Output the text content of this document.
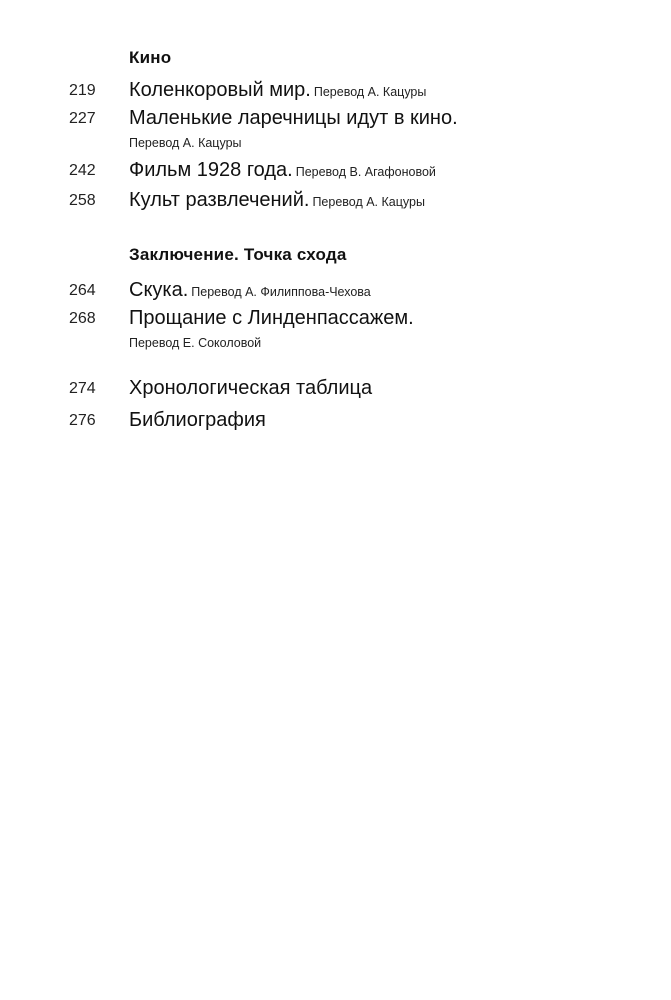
Кино
219 Коленкоровый мир. Перевод А. Кацуры
227 Маленькие ларечницы идут в кино.
Перевод А. Кацуры
242 Фильм 1928 года. Перевод В. Агафоновой
258 Культ развлечений. Перевод А. Кацуры
Заключение. Точка схода
264 Скука. Перевод А. Филиппова-Чехова
268 Прощание с Линденпассажем.
Перевод Е. Соколовой
274 Хронологическая таблица
276 Библиография
